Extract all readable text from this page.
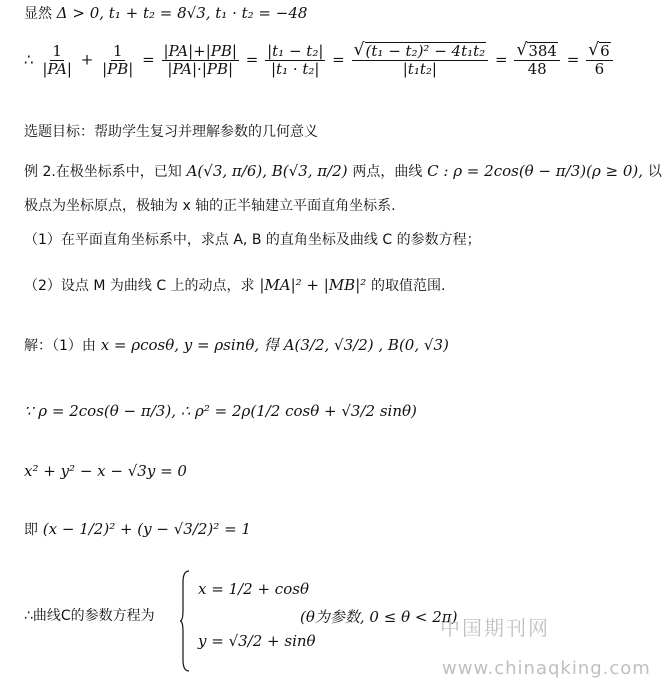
显然 Δ > 0, t₁ + t₂ = 8√3, t₁ · t₂ = −48
∴ $\frac{1}{|PA|} + \frac{1}{|PB|} = \frac{|PA|+|PB|}{|PA|\cdot|PB|} = \frac{\text{|t₁ − t₂|}}{\text{|t₁ · t₂|}} = \frac{\text{√ (t₁ − t₂)² − 4t₁t₂}}{\text{|t₁t₂|}} = \frac{√ 384}{48} = \frac{√ 6}{6}$
选题目标：帮助学生复习并理解参数的几何意义
例 2.在极坐标系中，已知 A(√3, π/6), B(√3, π/2) 两点，曲线 C : ρ = 2cos(θ − π/3)(ρ ≥ 0), 以
极点为坐标原点，极轴为 x 轴的正半轴建立平面直角坐标系.
（1）在平面直角坐标系中，求点 A, B 的直角坐标及曲线 C 的参数方程；
（2）设点 M 为曲线 C 上的动点，求 |MA|² + |MB|² 的取值范围.
解：（1）由 x = ρcosθ, y = ρsinθ, 得 A(3/2, √3/2) , B(0, √3)
∵ ρ = 2cos(θ − π/3), ∴ ρ² = 2ρ(1/2 cosθ + √3/2 sinθ)
x² + y² − x − √3y = 0
即 (x − 1/2)² + (y − √3/2)² = 1
∴曲线C的参数方程为
x = 1/2 + cosθ
y = √3/2 + sinθ
(θ为参数, 0 ≤ θ < 2π)
中国期刊网
www.chinaqking.com
